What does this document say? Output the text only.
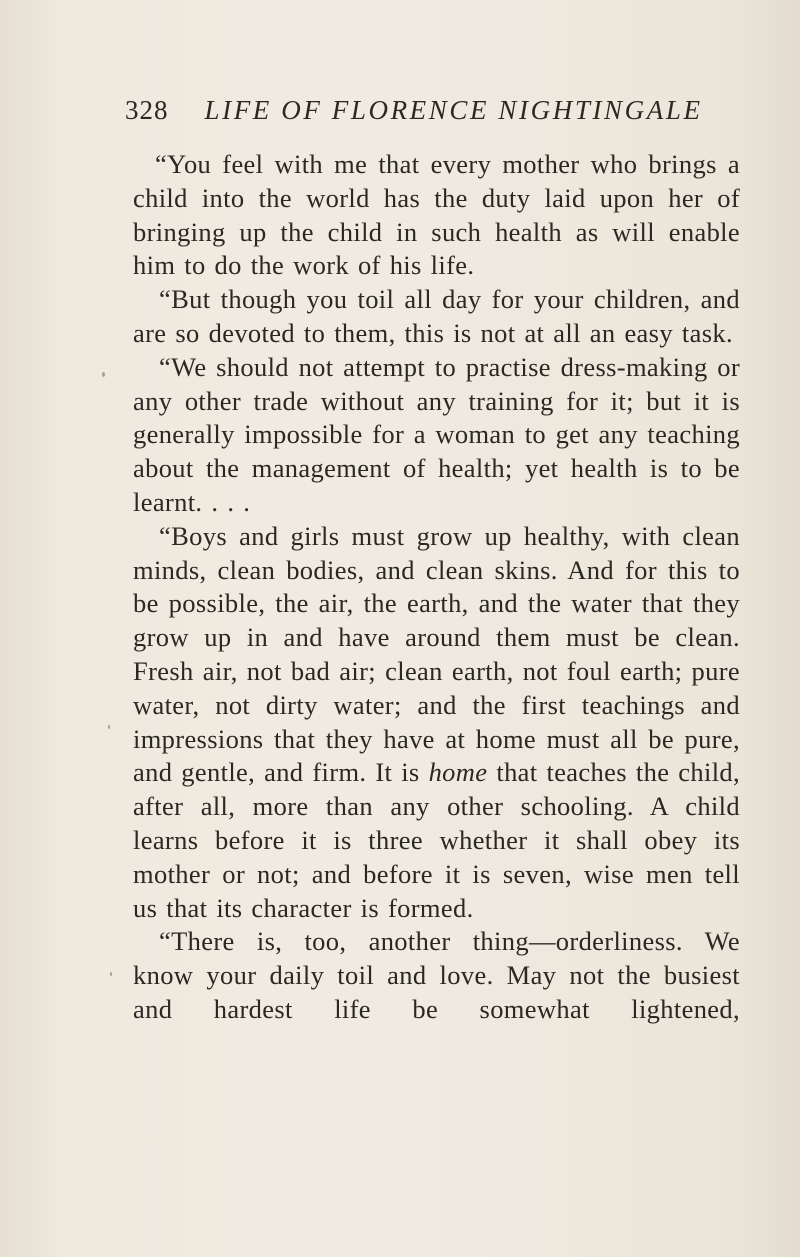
328 LIFE OF FLORENCE NIGHTINGALE

“You feel with me that every mother who brings a child into the world has the duty laid upon her of bringing up the child in such health as will enable him to do the work of his life.

“But though you toil all day for your children, and are so devoted to them, this is not at all an easy task.

“We should not attempt to practise dress-making or any other trade without any training for it; but it is generally impossible for a woman to get any teaching about the management of health; yet health is to be learnt. . . .

“Boys and girls must grow up healthy, with clean minds, clean bodies, and clean skins. And for this to be possible, the air, the earth, and the water that they grow up in and have around them must be clean. Fresh air, not bad air; clean earth, not foul earth; pure water, not dirty water; and the first teachings and impressions that they have at home must all be pure, and gentle, and firm. It is home that teaches the child, after all, more than any other schooling. A child learns before it is three whether it shall obey its mother or not; and before it is seven, wise men tell us that its character is formed.

“There is, too, another thing—orderliness. We know your daily toil and love. May not the busiest and hardest life be somewhat lightened,
